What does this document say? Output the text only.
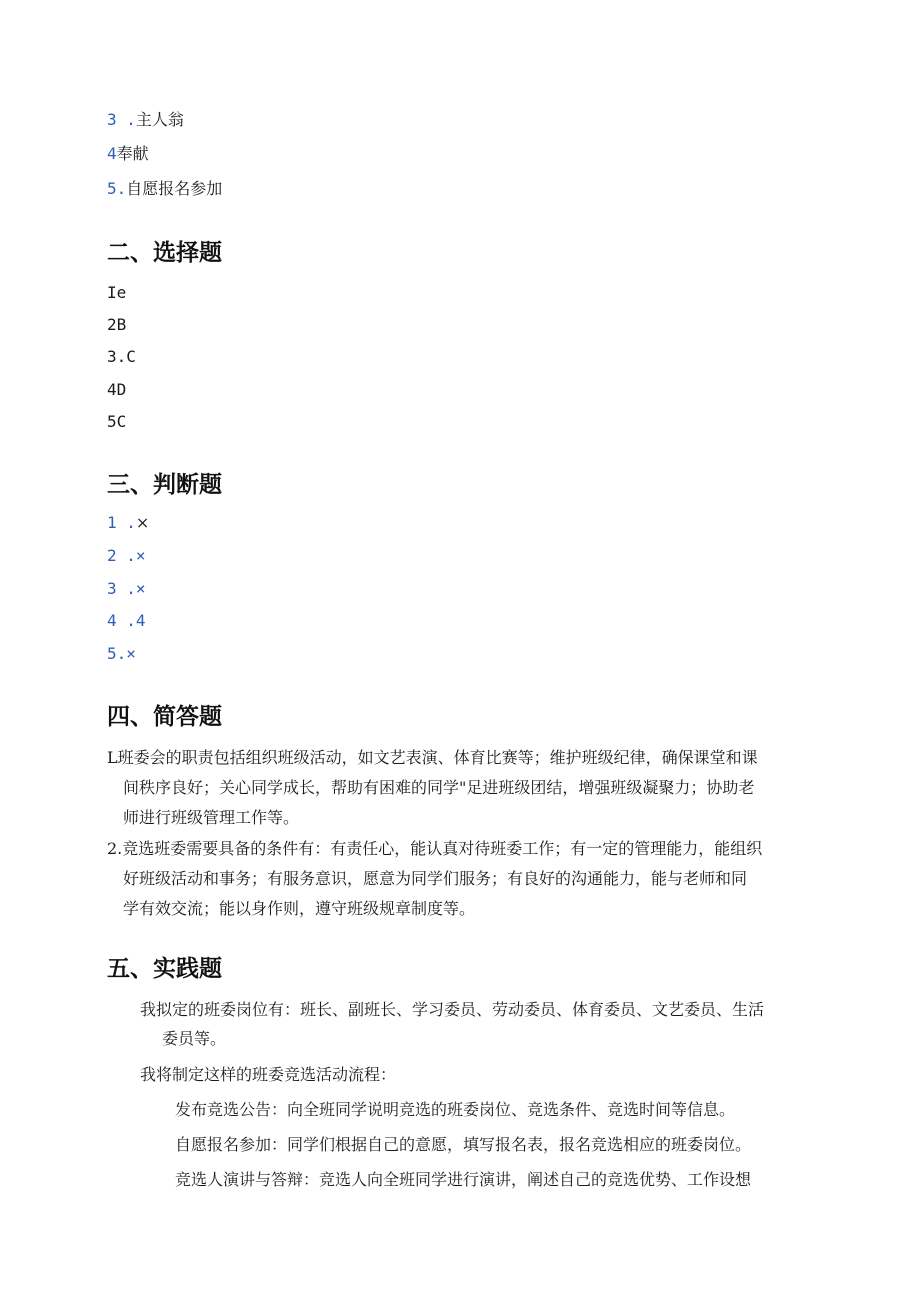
3 .主人翁
4奉献
5.自愿报名参加
二、选择题
Ie
2B
3.C
4D
5C
三、判断题
1 .×
2 .×
3 .×
4 .4
5.×
四、简答题

L班委会的职责包括组织班级活动，如文艺表演、体育比赛等；维护班级纪律，确保课堂和课

间秩序良好；关心同学成长，帮助有困难的同学"足进班级团结，增强班级凝聚力；协助老

师进行班级管理工作等。

2.竞选班委需要具备的条件有：有责任心，能认真对待班委工作；有一定的管理能力，能组织

好班级活动和事务；有服务意识，愿意为同学们服务；有良好的沟通能力，能与老师和同

学有效交流；能以身作则，遵守班级规章制度等。

五、实践题
我拟定的班委岗位有：班长、副班长、学习委员、劳动委员、体育委员、文艺委员、生活
委员等。
我将制定这样的班委竞选活动流程：
发布竞选公告：向全班同学说明竞选的班委岗位、竞选条件、竞选时间等信息。
自愿报名参加：同学们根据自己的意愿，填写报名表，报名竞选相应的班委岗位。
竞选人演讲与答辩：竞选人向全班同学进行演讲，阐述自己的竞选优势、工作设想
